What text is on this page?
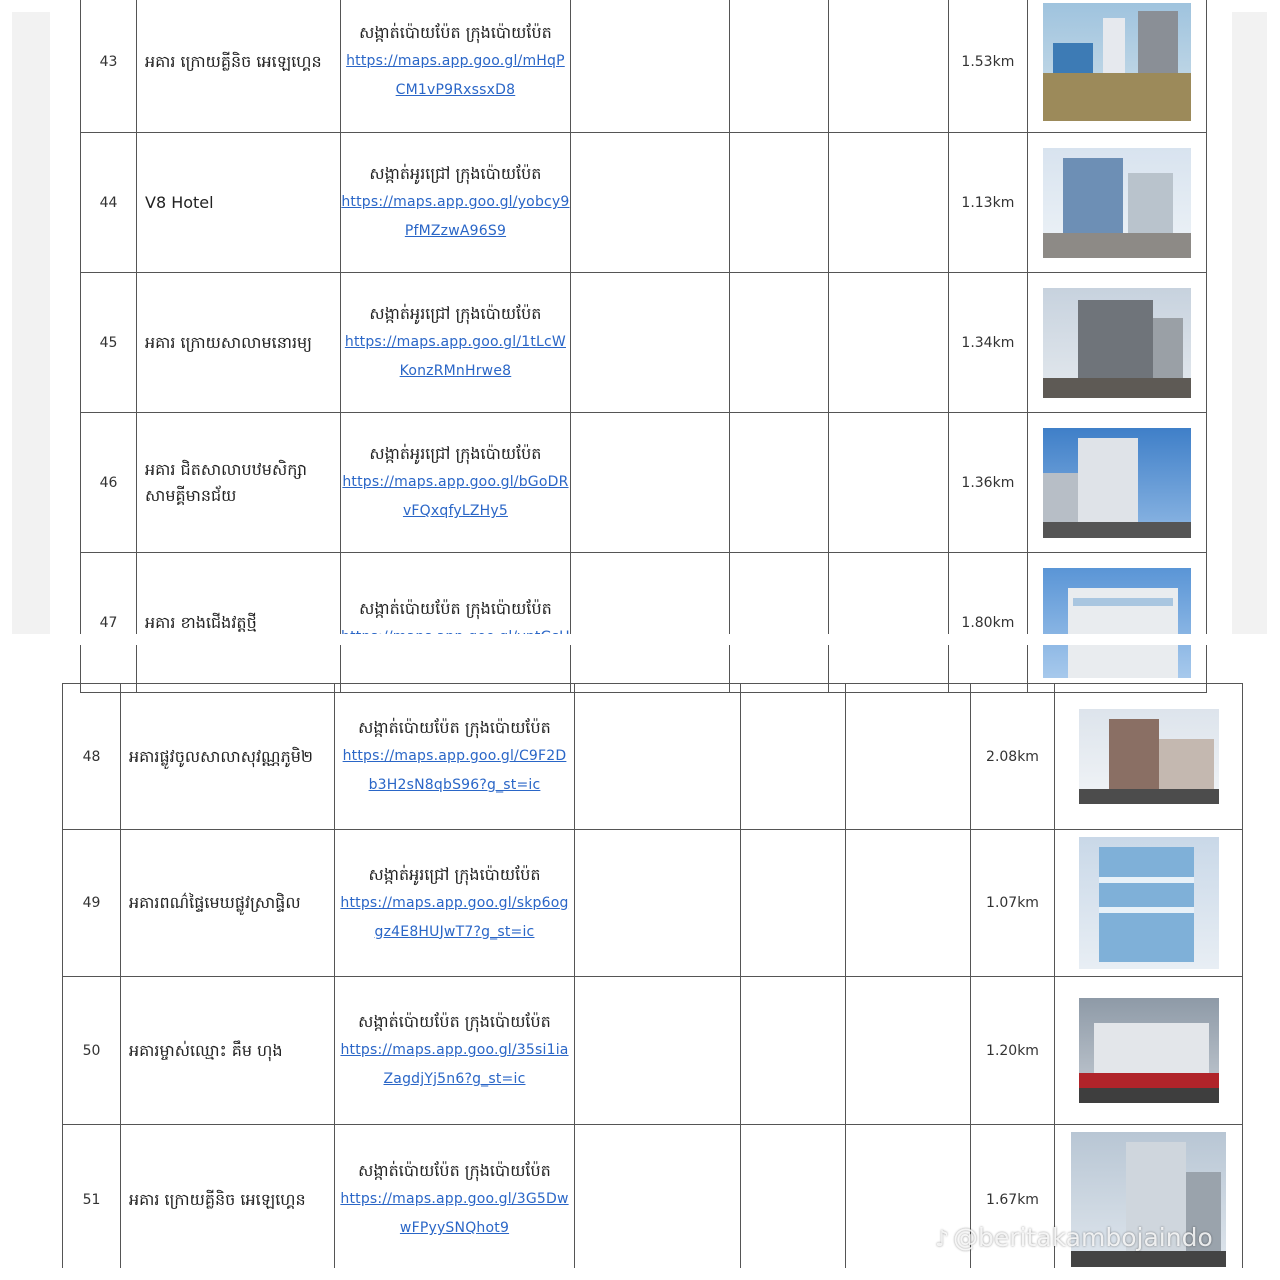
43	អគារ ក្រោយគ្លីនិច អេឡេហ្គេន	សង្កាត់ប៉ោយប៉ែត ក្រុងប៉ោយប៉ែត
https://maps.app.goo.gl/mHqP
CM1vP9RxssxD8				1.53km	

44	V8 Hotel	សង្កាត់អូរជ្រៅ ក្រុងប៉ោយប៉ែត
https://maps.app.goo.gl/yobcy9
PfMZzwA96S9				1.13km	

45	អគារ ក្រោយសាលាមនោរម្យ	សង្កាត់អូរជ្រៅ ក្រុងប៉ោយប៉ែត
https://maps.app.goo.gl/1tLcW
KonzRMnHrwe8				1.34km	

46	អគារ ជិតសាលាបឋមសិក្សា
សាមគ្គីមានជ័យ	សង្កាត់អូរជ្រៅ ក្រុងប៉ោយប៉ែត
https://maps.app.goo.gl/bGoDR
vFQxqfyLZHy5				1.36km	

47	អគារ ខាងជើងវត្តថ្មី	សង្កាត់ប៉ោយប៉ែត ក្រុងប៉ោយប៉ែត				1.80km	
48	អគារផ្លូវចូលសាលាសុវណ្ណភូមិ២	សង្កាត់ប៉ោយប៉ែត ក្រុងប៉ោយប៉ែត
https://maps.app.goo.gl/C9F2D
b3H2sN8qbS96?g_st=ic				2.08km	

49	អគារពណ៌ផ្ទៃមេឃផ្លូវស្រាផ្ទិល	សង្កាត់អូរជ្រៅ ក្រុងប៉ោយប៉ែត
https://maps.app.goo.gl/skp6og
gz4E8HUJwT7?g_st=ic				1.07km	

50	អគារម្ចាស់ឈ្មោះ គឹម ហុង	សង្កាត់ប៉ោយប៉ែត ក្រុងប៉ោយប៉ែត
https://maps.app.goo.gl/35si1ia
ZagdjYj5n6?g_st=ic				1.20km	

51	អគារ ក្រោយគ្លីនិច អេឡេហ្គេន	សង្កាត់ប៉ោយប៉ែត ក្រុងប៉ោយប៉ែត
https://maps.app.goo.gl/3G5Dw
wFPyySNQhot9				1.67km	
♪ @beritakambojaindo
